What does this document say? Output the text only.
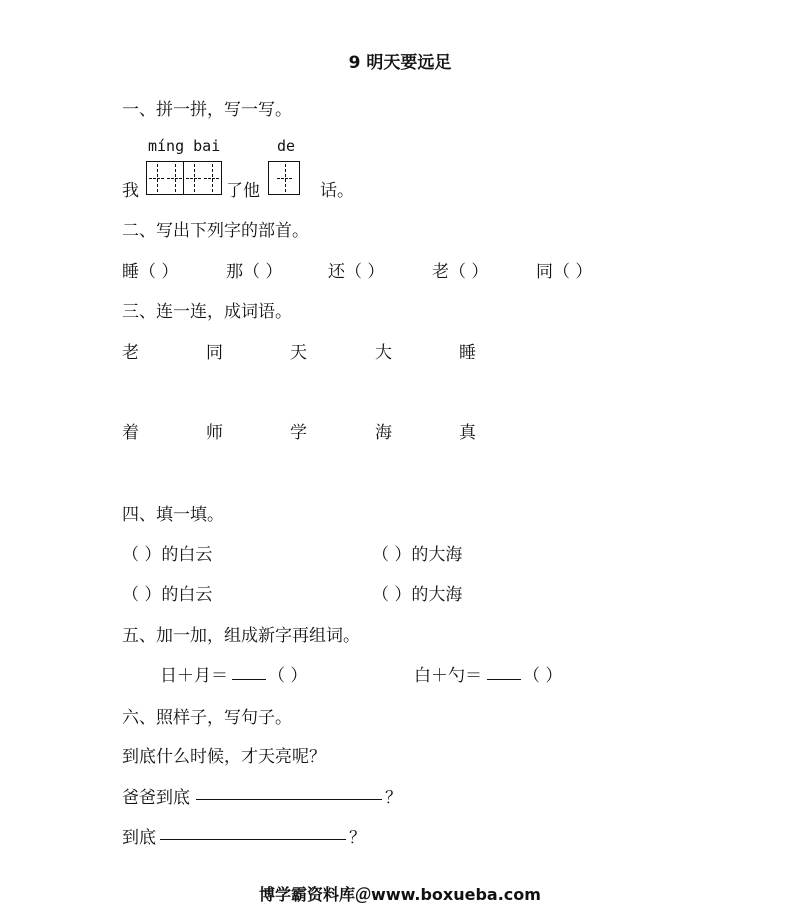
9 明天要远足
一、拼一拼，写一写。
míng bai	de
我	了他	话。
二、写出下列字的部首。
睡（ ）	那（ ）	还（ ）	老（ ）	同（ ）
三、连一连，成词语。
老	同	天	大	睡
着	师	学	海	真
四、填一填。
（ ）的白云	（ ）的大海
（ ）的白云	（ ）的大海
五、加一加，组成新字再组词。
日＋月＝ （ ）	白＋勺＝ （ ）
六、照样子，写句子。
到底什么时候，才天亮呢？
爸爸到底	？
到底	？
博学霸资料库＠www.boxueba.com
